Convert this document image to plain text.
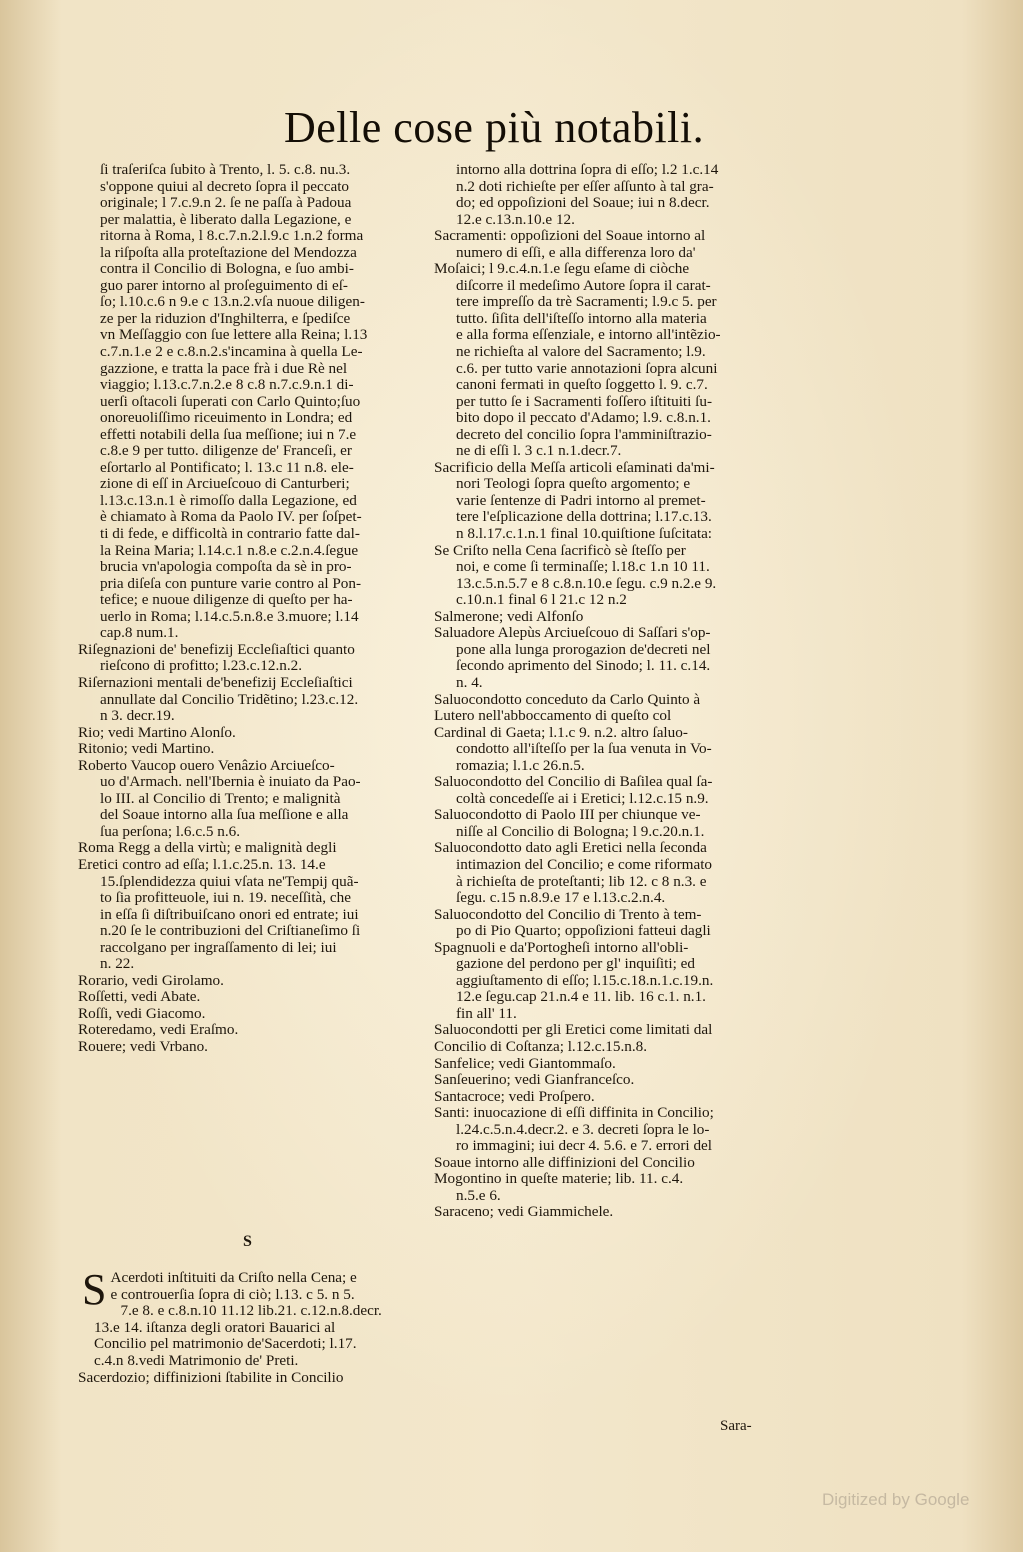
Delle cose più notabili.
ſi traſeriſca ſubito à Trento, l. 5. c.8. nu.3.
s'oppone quiui al decreto ſopra il peccato
originale; l 7.c.9.n 2. ſe ne paſſa à Padoua
per malattia, è liberato dalla Legazione, e
ritorna à Roma, l 8.c.7.n.2.l.9.c 1.n.2 forma
la riſpoſta alla proteſtazione del Mendozza
contra il Concilio di Bologna, e ſuo ambi-
guo parer intorno al proſeguimento di eſ-
ſo; l.10.c.6 n 9.e c 13.n.2.vſa nuoue diligen-
ze per la riduzion d'Inghilterra, e ſpediſce
vn Meſſaggio con ſue lettere alla Reina; l.13
c.7.n.1.e 2 e c.8.n.2.s'incamina à quella Le-
gazzione, e tratta la pace frà i due Rè nel
viaggio; l.13.c.7.n.2.e 8 c.8 n.7.c.9.n.1 di-
uerſi oſtacoli ſuperati con Carlo Quinto;ſuo
onoreuoliſſimo riceuimento in Londra; ed
effetti notabili della ſua meſſione; iui n 7.e
c.8.e 9 per tutto. diligenze de' Franceſi, er
eſortarlo al Pontificato; l. 13.c 11 n.8. ele-
zione di eſſ in Arciueſcouo di Canturberi;
l.13.c.13.n.1 è rimoſſo dalla Legazione, ed
è chiamato à Roma da Paolo IV. per ſoſpet-
ti di fede, e difficoltà in contrario fatte dal-
la Reina Maria; l.14.c.1 n.8.e c.2.n.4.ſegue
brucia vn'apologia compoſta da sè in pro-
pria diſeſa con punture varie contro al Pon-
tefice; e nuoue diligenze di queſto per ha-
uerlo in Roma; l.14.c.5.n.8.e 3.muore; l.14
cap.8 num.1.
Riſegnazioni de' benefizij Eccleſiaſtici quanto
rieſcono di profitto; l.23.c.12.n.2.
Riſernazioni mentali de'benefizij Eccleſiaſtici
annullate dal Concilio Tridẽtino; l.23.c.12.
n 3. decr.19.
Rio; vedi Martino Alonſo.
Ritonio; vedi Martino.
Roberto Vaucop ouero Venâzio Arciueſco-
uo d'Armach. nell'Ibernia è inuiato da Pao-
lo III. al Concilio di Trento; e malignità
del Soaue intorno alla ſua meſſione e alla
ſua perſona; l.6.c.5 n.6.
Roma Regg a della virtù; e malignità degli
Eretici contro ad eſſa; l.1.c.25.n. 13. 14.e
15.ſplendidezza quiui vſata ne'Tempij quã-
to ſia profitteuole, iui n. 19. neceſſità, che
in eſſa ſi diſtribuiſcano onori ed entrate; iui
n.20 ſe le contribuzioni del Criſtianeſimo ſi
raccolgano per ingraſſamento di lei; iui
n. 22.
Rorario, vedi Girolamo.
Roſſetti, vedi Abate.
Roſſi, vedi Giacomo.
Roteredamo, vedi Eraſmo.
Rouere; vedi Vrbano.
S
S Acerdoti inſtituiti da Criſto nella Cena; e
e controuerſia ſopra di ciò; l.13. c 5. n 5.
7.e 8. e c.8.n.10 11.12 lib.21. c.12.n.8.decr.
13.e 14. iſtanza degli oratori Bauarici al
Concilio pel matrimonio de'Sacerdoti; l.17.
c.4.n 8.vedi Matrimonio de' Preti.
Sacerdozio; diffinizioni ſtabilite in Concilio
intorno alla dottrina ſopra di eſſo; l.2 1.c.14
n.2 doti richieſte per eſſer aſſunto à tal gra-
do; ed oppoſizioni del Soaue; iui n 8.decr.
12.e c.13.n.10.e 12.
Sacramenti: oppoſizioni del Soaue intorno al
numero di eſſi, e alla differenza loro da'
Moſaici; l 9.c.4.n.1.e ſegu eſame di ciòche
diſcorre il medeſimo Autore ſopra il carat-
tere impreſſo da trè Sacramenti; l.9.c 5. per
tutto. ſiſita dell'iſteſſo intorno alla materia
e alla forma eſſenziale, e intorno all'intẽzio-
ne richieſta al valore del Sacramento; l.9.
c.6. per tutto varie annotazioni ſopra alcuni
canoni fermati in queſto ſoggetto l. 9. c.7.
per tutto ſe i Sacramenti foſſero iſtituiti ſu-
bito dopo il peccato d'Adamo; l.9. c.8.n.1.
decreto del concilio ſopra l'amminiſtrazio-
ne di eſſi l. 3 c.1 n.1.decr.7.
Sacrificio della Meſſa articoli eſaminati da'mi-
nori Teologi ſopra queſto argomento; e
varie ſentenze di Padri intorno al premet-
tere l'eſplicazione della dottrina; l.17.c.13.
n 8.l.17.c.1.n.1 final 10.quiſtione ſuſcitata:
Se Criſto nella Cena ſacrificò sè ſteſſo per
noi, e come ſi terminaſſe; l.18.c 1.n 10 11.
13.c.5.n.5.7 e 8 c.8.n.10.e ſegu. c.9 n.2.e 9.
c.10.n.1 final 6 l 21.c 12 n.2
Salmerone; vedi Alfonſo
Saluadore Alepùs Arciueſcouo di Saſſari s'op-
pone alla lunga prorogazion de'decreti nel
ſecondo aprimento del Sinodo; l. 11. c.14.
n. 4.
Saluocondotto conceduto da Carlo Quinto à
Lutero nell'abboccamento di queſto col
Cardinal di Gaeta; l.1.c 9. n.2. altro ſaluo-
condotto all'iſteſſo per la ſua venuta in Vo-
romazia; l.1.c 26.n.5.
Saluocondotto del Concilio di Baſilea qual ſa-
coltà concedeſſe ai i Eretici; l.12.c.15 n.9.
Saluocondotto di Paolo III per chiunque ve-
niſſe al Concilio di Bologna; l 9.c.20.n.1.
Saluocondotto dato agli Eretici nella ſeconda
intimazion del Concilio; e come riformato
à richieſta de proteſtanti; lib 12. c 8 n.3. e
ſegu. c.15 n.8.9.e 17 e l.13.c.2.n.4.
Saluocondotto del Concilio di Trento à tem-
po di Pio Quarto; oppoſizioni fatteui dagli
Spagnuoli e da'Portogheſi intorno all'obli-
gazione del perdono per gl' inquiſiti; ed
aggiuſtamento di eſſo; l.15.c.18.n.1.c.19.n.
12.e ſegu.cap 21.n.4 e 11. lib. 16 c.1. n.1.
fin all' 11.
Saluocondotti per gli Eretici come limitati dal
Concilio di Coſtanza; l.12.c.15.n.8.
Sanfelice; vedi Giantommaſo.
Sanſeuerino; vedi Gianfranceſco.
Santacroce; vedi Proſpero.
Santi: inuocazione di eſſi diffinita in Concilio;
l.24.c.5.n.4.decr.2. e 3. decreti ſopra le lo-
ro immagini; iui decr 4. 5.6. e 7. errori del
Soaue intorno alle diffinizioni del Concilio
Mogontino in queſte materie; lib. 11. c.4.
n.5.e 6.
Saraceno; vedi Giammichele.
Sara-
Digitized by Google
